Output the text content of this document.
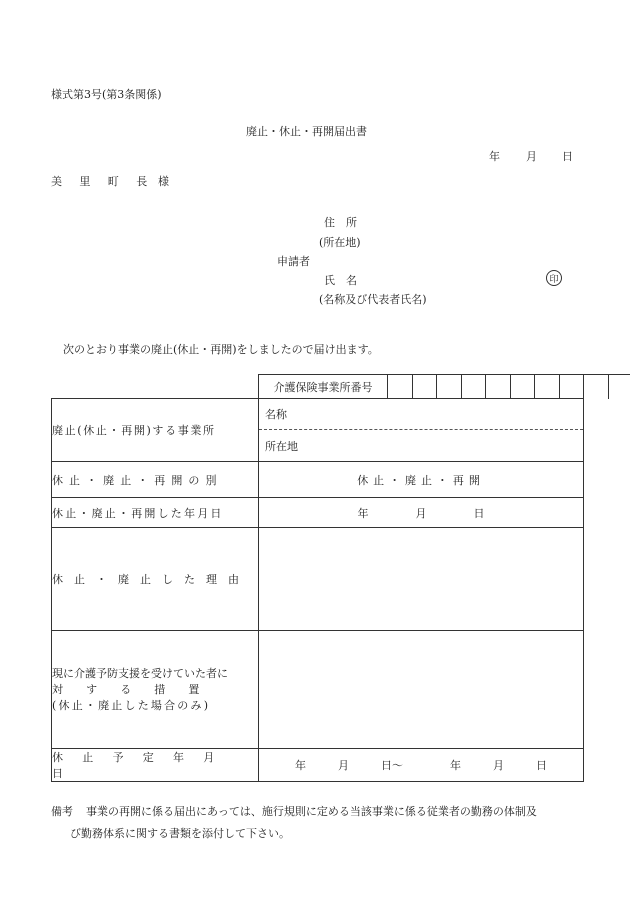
様式第3号(第3条関係)
廃止・休止・再開届出書
年 月 日
美 里 町 長 様
住　所
(所在地)
申請者
氏　名	印
(名称及び代表者氏名)
次のとおり事業の廃止(休止・再開)をしましたので届け出ます。
介護保険事業所番号
廃止(休止・再開)する事業所	名称
所在地

休止・廃止・再開の別	休止・廃止・再開

休止・廃止・再開した年月日	年 月 日

休止・廃止した理由	

現に介護予防支援を受けていた者に
対する措置
(休止・廃止した場合のみ)	

休止予定年月日	年 月 日～ 年 月 日
備考 事業の再開に係る届出にあっては、施行規則に定める当該事業に係る従業者の勤務の体制及
び勤務体系に関する書類を添付して下さい。
